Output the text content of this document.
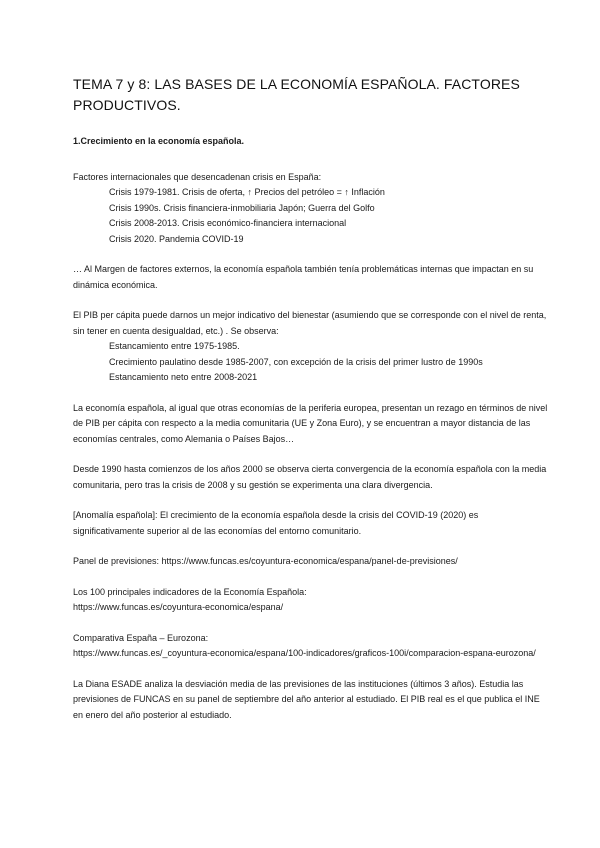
TEMA 7 y 8: LAS BASES DE LA ECONOMÍA ESPAÑOLA. FACTORES PRODUCTIVOS.

1.Crecimiento en la economía española.

Factores internacionales que desencadenan crisis en España:

Crisis 1979-1981. Crisis de oferta, ↑ Precios del petróleo = ↑ Inflación

Crisis 1990s. Crisis financiera-inmobiliaria Japón; Guerra del Golfo

Crisis 2008-2013. Crisis económico-financiera internacional

Crisis 2020. Pandemia COVID-19

… Al Margen de factores externos, la economía española también tenía problemáticas internas que impactan en su dinámica económica.

El PIB per cápita puede darnos un mejor indicativo del bienestar (asumiendo que se corresponde con el nivel de renta, sin tener en cuenta desigualdad, etc.) . Se observa:

Estancamiento entre 1975-1985.

Crecimiento paulatino desde 1985-2007, con excepción de la crisis del primer lustro de 1990s

Estancamiento neto entre 2008-2021

La economía española, al igual que otras economías de la periferia europea, presentan un rezago en términos de nivel de PIB per cápita con respecto a la media comunitaria (UE y Zona Euro), y se encuentran a mayor distancia de las economías centrales, como Alemania o Países Bajos…

Desde 1990 hasta comienzos de los años 2000 se observa cierta convergencia de la economía española con la media comunitaria, pero tras la crisis de 2008 y su gestión se experimenta una clara divergencia.

[Anomalía española]: El crecimiento de la economía española desde la crisis del COVID-19 (2020) es significativamente superior al de las economías del entorno comunitario.

Panel de previsiones: https://www.funcas.es/coyuntura-economica/espana/panel-de-previsiones/

Los 100 principales indicadores de la Economía Española:

https://www.funcas.es/coyuntura-economica/espana/

Comparativa España – Eurozona:

https://www.funcas.es/_coyuntura-economica/espana/100-indicadores/graficos-100i/comparacion-espana-eurozona/

La Diana ESADE analiza la desviación media de las previsiones de las instituciones (últimos 3 años). Estudia las previsiones de FUNCAS en su panel de septiembre del año anterior al estudiado. El PIB real es el que publica el INE en enero del año posterior al estudiado.
